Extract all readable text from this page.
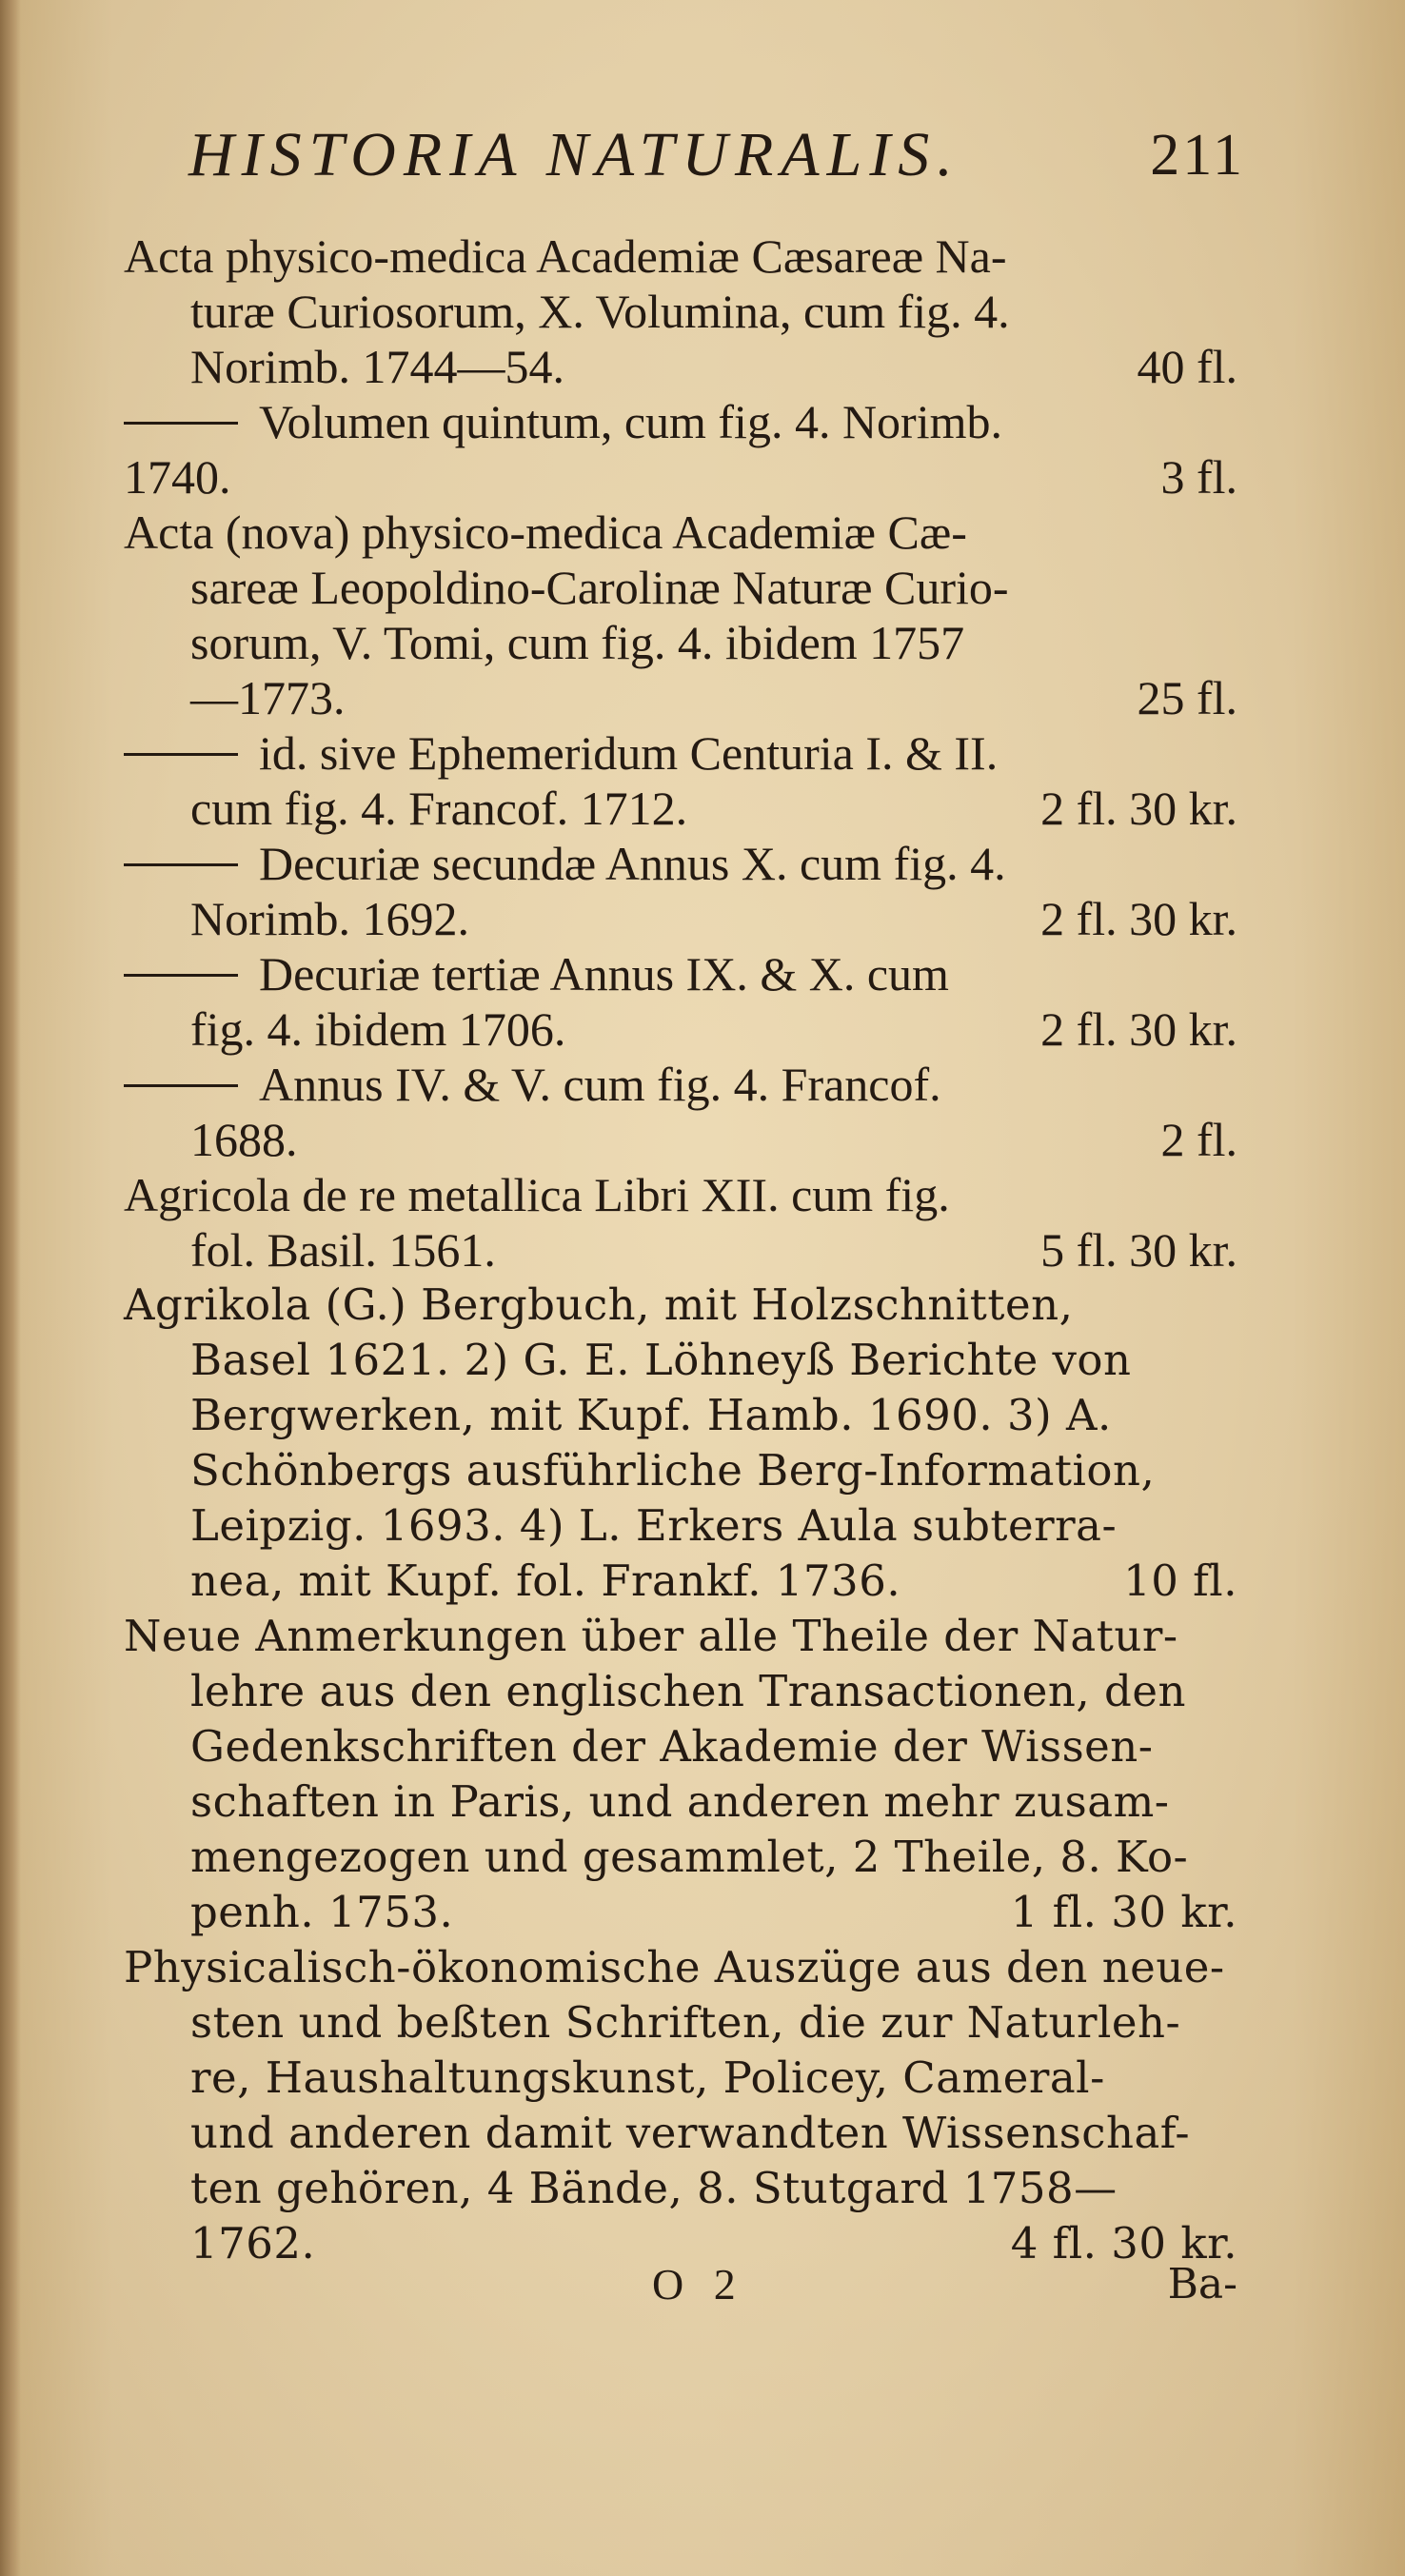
HISTORIA NATURALIS.	211
Acta physico-medica Academiæ Cæsareæ Na-
turæ Curiosorum, X. Volumina, cum fig. 4.
Norimb. 1744—54.	40 fl.
Volumen quintum, cum fig. 4. Norimb.
1740.	3 fl.
Acta (nova) physico-medica Academiæ Cæ-
sareæ Leopoldino-Carolinæ Naturæ Curio-
sorum, V. Tomi, cum fig. 4. ibidem 1757
—1773.	25 fl.
id. sive Ephemeridum Centuria I. & II.
cum fig. 4. Francof. 1712.	2 fl. 30 kr.
Decuriæ secundæ Annus X. cum fig. 4.
Norimb. 1692.	2 fl. 30 kr.
Decuriæ tertiæ Annus IX. & X. cum
fig. 4. ibidem 1706.	2 fl. 30 kr.
Annus IV. & V. cum fig. 4. Francof.
1688.	2 fl.
Agricola de re metallica Libri XII. cum fig.
fol. Basil. 1561.	5 fl. 30 kr.
Agrikola (G.) Bergbuch, mit Holzschnitten,
Basel 1621. 2) G. E. Löhneyß Berichte von
Bergwerken, mit Kupf. Hamb. 1690. 3) A.
Schönbergs ausführliche Berg-Information,
Leipzig. 1693. 4) L. Erkers Aula subterra-
nea, mit Kupf. fol. Frankf. 1736.	10 fl.
Neue Anmerkungen über alle Theile der Natur-
lehre aus den englischen Transactionen, den
Gedenkschriften der Akademie der Wissen-
schaften in Paris, und anderen mehr zusam-
mengezogen und gesammlet, 2 Theile, 8. Ko-
penh. 1753.	1 fl. 30 kr.
Physicalisch-ökonomische Auszüge aus den neue-
sten und beßten Schriften, die zur Naturleh-
re, Haushaltungskunst, Policey, Cameral-
und anderen damit verwandten Wissenschaf-
ten gehören, 4 Bände, 8. Stutgard 1758—
1762.	4 fl. 30 kr.
O 2	Ba-
